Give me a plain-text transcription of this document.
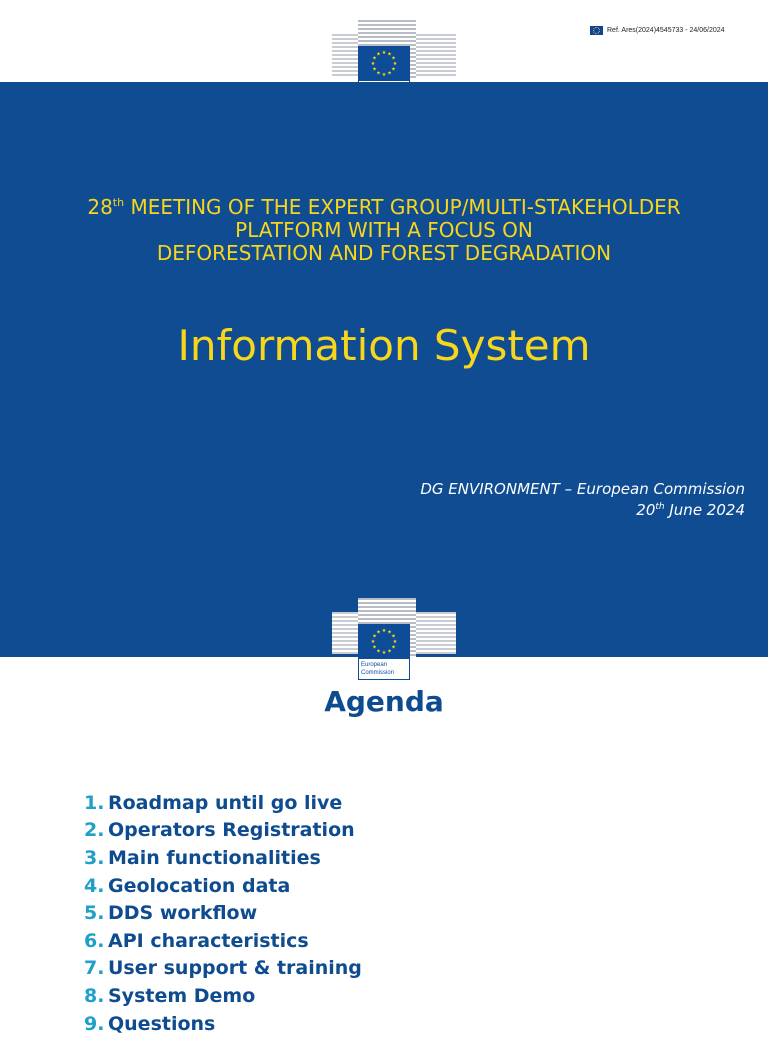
Ref. Ares(2024)4545733 - 24/06/2024
★ ★
★
★
★
★
★
★
★
★
★
★
28th MEETING OF THE EXPERT GROUP/MULTI-STAKEHOLDER
PLATFORM WITH A FOCUS ON
DEFORESTATION AND FOREST DEGRADATION
Information System
DG ENVIRONMENT – European Commission
20th June 2024
★ ★
★
★
★
★
★
★
★
★
★
★
European
Commission
Agenda
1. Roadmap until go live
2. Operators Registration
3. Main functionalities
4. Geolocation data
5. DDS workflow
6. API characteristics
7. User support & training
8. System Demo
9. Questions
